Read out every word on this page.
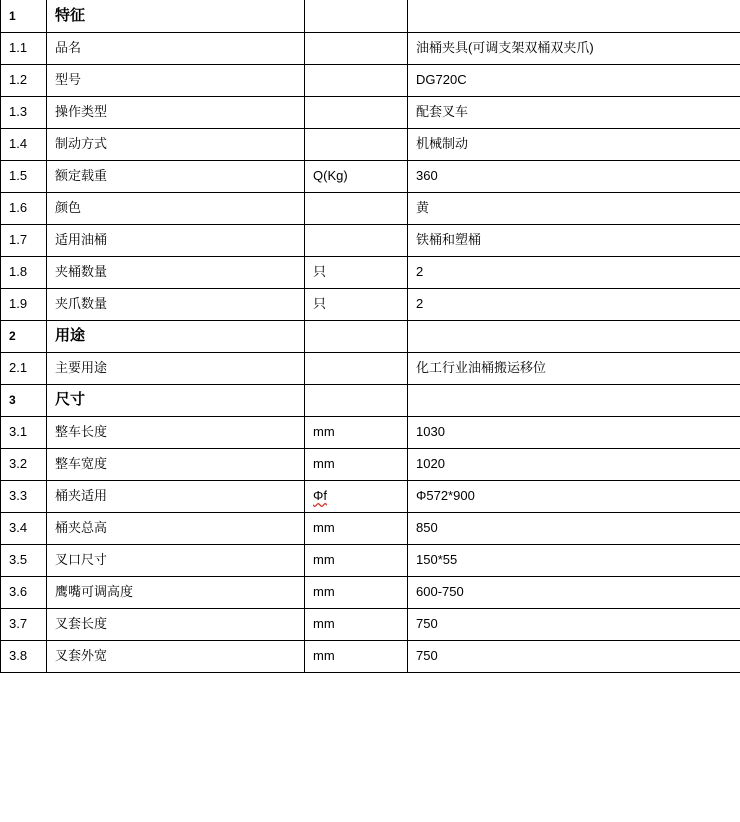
1	特征		
1.1	品名		油桶夹具(可调支架双桶双夹爪)
1.2	型号		DG720C
1.3	操作类型		配套叉车
1.4	制动方式		机械制动
1.5	额定载重	Q(Kg)	360
1.6	颜色		黄
1.7	适用油桶		铁桶和塑桶
1.8	夹桶数量	只	2
1.9	夹爪数量	只	2
2	用途		
2.1	主要用途		化工行业油桶搬运移位
3	尺寸		
3.1	整车长度	mm	1030
3.2	整车宽度	mm	1020
3.3	桶夹适用	Φf	Φ572*900
3.4	桶夹总高	mm	850
3.5	叉口尺寸	mm	150*55
3.6	鹰嘴可调高度	mm	600-750
3.7	叉套长度	mm	750
3.8	叉套外宽	mm	750
